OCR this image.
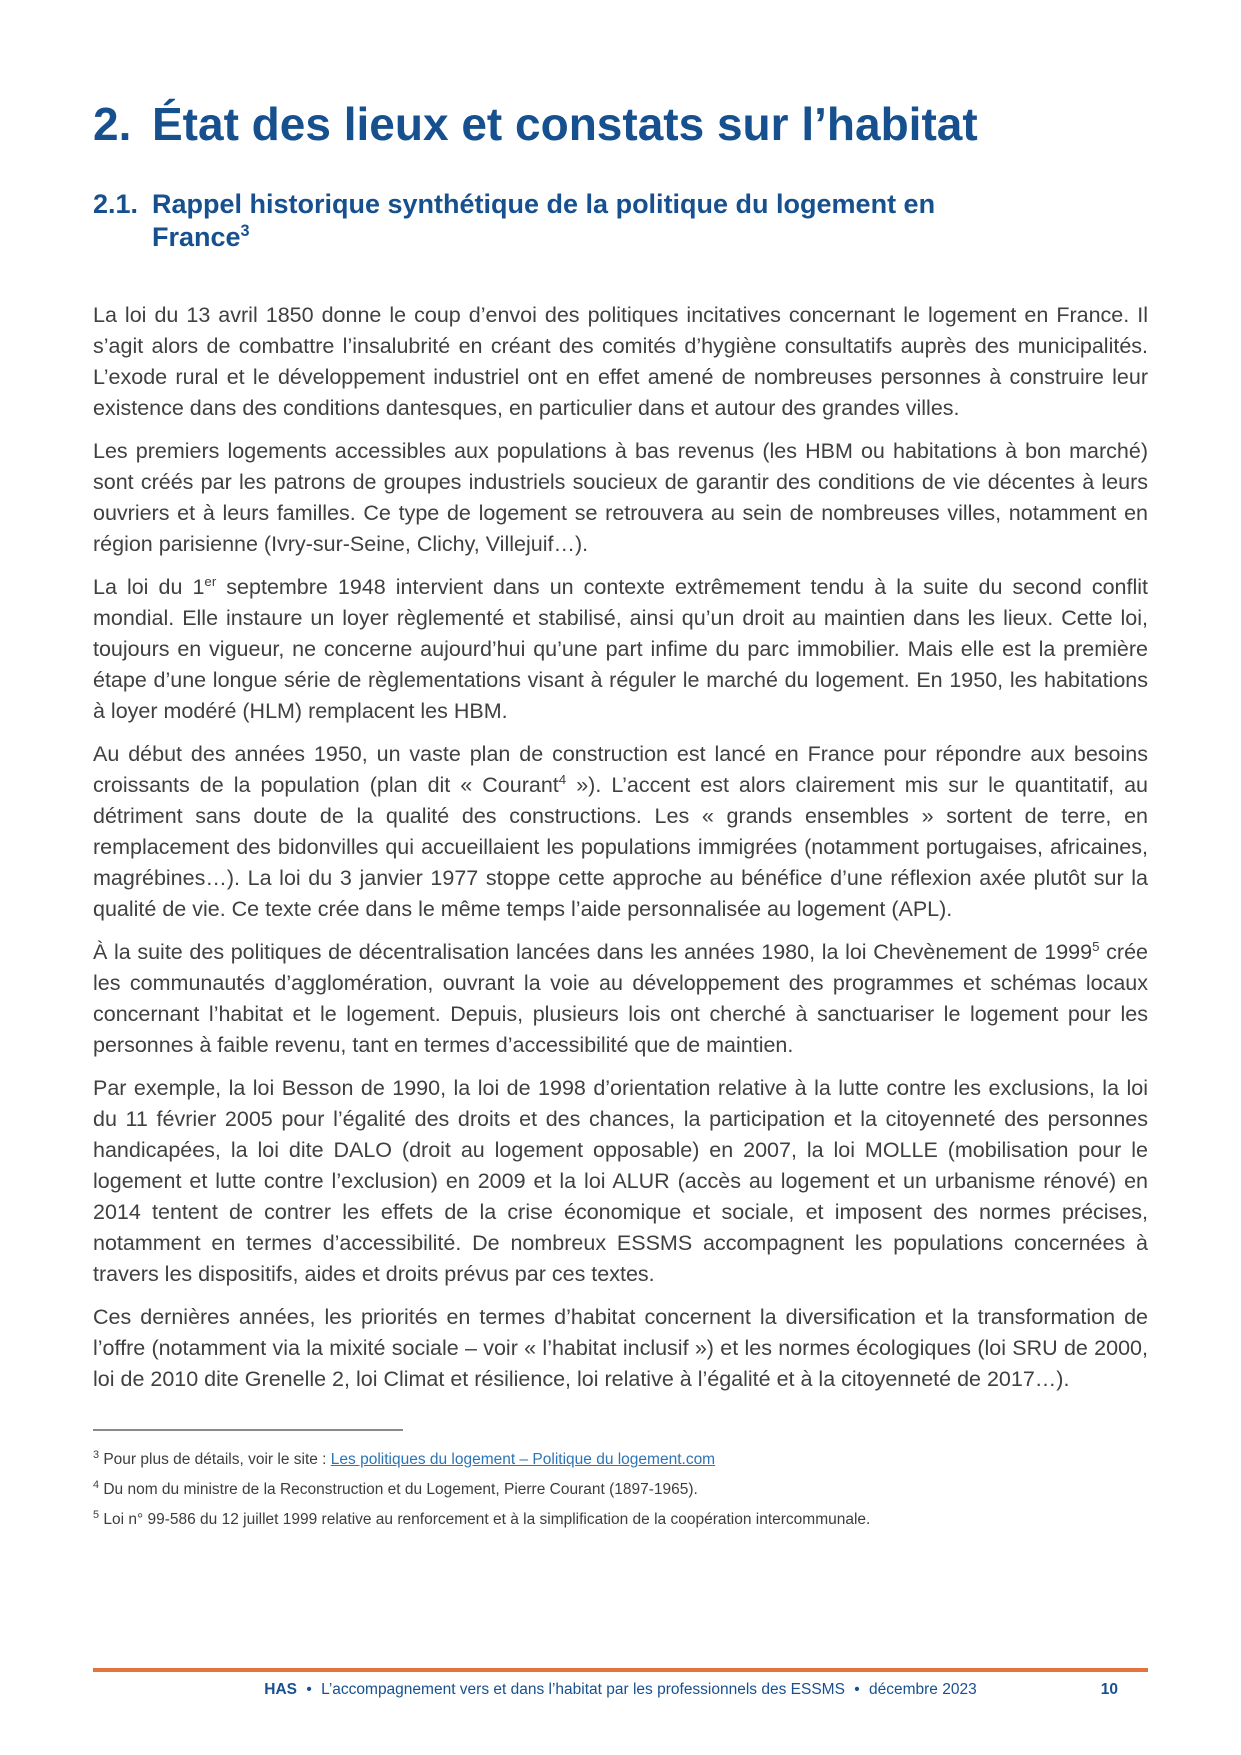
2. État des lieux et constats sur l’habitat
2.1. Rappel historique synthétique de la politique du logement en France$^3$

La loi du 13 avril 1850 donne le coup d’envoi des politiques incitatives concernant le logement en France. Il s’agit alors de combattre l’insalubrité en créant des comités d’hygiène consultatifs auprès des municipalités. L’exode rural et le développement industriel ont en effet amené de nombreuses personnes à construire leur existence dans des conditions dantesques, en particulier dans et autour des grandes villes.

Les premiers logements accessibles aux populations à bas revenus (les HBM ou habitations à bon marché) sont créés par les patrons de groupes industriels soucieux de garantir des conditions de vie décentes à leurs ouvriers et à leurs familles. Ce type de logement se retrouvera au sein de nombreuses villes, notamment en région parisienne (Ivry-sur-Seine, Clichy, Villejuif…).

La loi du 1er septembre 1948 intervient dans un contexte extrêmement tendu à la suite du second conflit mondial. Elle instaure un loyer règlementé et stabilisé, ainsi qu’un droit au maintien dans les lieux. Cette loi, toujours en vigueur, ne concerne aujourd’hui qu’une part infime du parc immobilier. Mais elle est la première étape d’une longue série de règlementations visant à réguler le marché du logement. En 1950, les habitations à loyer modéré (HLM) remplacent les HBM.

Au début des années 1950, un vaste plan de construction est lancé en France pour répondre aux besoins croissants de la population (plan dit « Courant$^4$ »). L’accent est alors clairement mis sur le quantitatif, au détriment sans doute de la qualité des constructions. Les « grands ensembles » sortent de terre, en remplacement des bidonvilles qui accueillaient les populations immigrées (notamment portugaises, africaines, magrébines…). La loi du 3 janvier 1977 stoppe cette approche au bénéfice d’une réflexion axée plutôt sur la qualité de vie. Ce texte crée dans le même temps l’aide personnalisée au logement (APL).

À la suite des politiques de décentralisation lancées dans les années 1980, la loi Chevènement de 1999$^5$ crée les communautés d’agglomération, ouvrant la voie au développement des programmes et schémas locaux concernant l’habitat et le logement. Depuis, plusieurs lois ont cherché à sanctuariser le logement pour les personnes à faible revenu, tant en termes d’accessibilité que de maintien.

Par exemple, la loi Besson de 1990, la loi de 1998 d’orientation relative à la lutte contre les exclusions, la loi du 11 février 2005 pour l’égalité des droits et des chances, la participation et la citoyenneté des personnes handicapées, la loi dite DALO (droit au logement opposable) en 2007, la loi MOLLE (mobilisation pour le logement et lutte contre l’exclusion) en 2009 et la loi ALUR (accès au logement et un urbanisme rénové) en 2014 tentent de contrer les effets de la crise économique et sociale, et imposent des normes précises, notamment en termes d’accessibilité. De nombreux ESSMS accompagnent les populations concernées à travers les dispositifs, aides et droits prévus par ces textes.

Ces dernières années, les priorités en termes d’habitat concernent la diversification et la transformation de l’offre (notamment via la mixité sociale – voir « l’habitat inclusif ») et les normes écologiques (loi SRU de 2000, loi de 2010 dite Grenelle 2, loi Climat et résilience, loi relative à l’égalité et à la citoyenneté de 2017…).

$^3$ Pour plus de détails, voir le site : Les politiques du logement – Politique du logement.com
$^4$ Du nom du ministre de la Reconstruction et du Logement, Pierre Courant (1897-1965).
$^5$ Loi n° 99-586 du 12 juillet 1999 relative au renforcement et à la simplification de la coopération intercommunale.
HAS • L’accompagnement vers et dans l’habitat par les professionnels des ESSMS • décembre 2023	10
